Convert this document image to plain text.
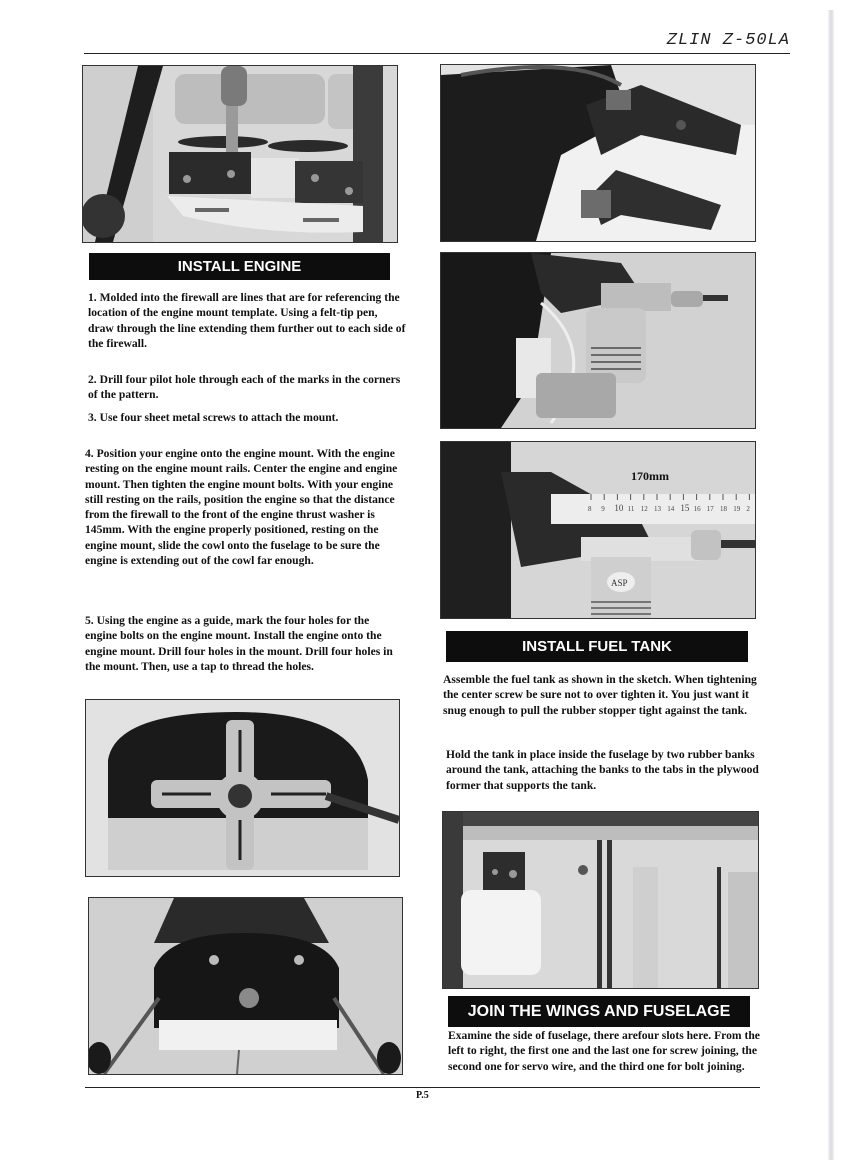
ZLIN Z-50LA
INSTALL ENGINE

1. Molded into the firewall are lines that are for referencing the location of the engine mount template. Using a felt-tip pen, draw through the line extending them further out to each side of the firewall.

2. Drill four pilot hole through each of the marks in the corners of the pattern.

3. Use four sheet metal screws to attach the mount.

4. Position your engine onto the engine mount. With the engine resting on the engine mount rails. Center the engine and engine mount. Then tighten the engine mount bolts. With your engine still resting on the rails, position the engine so that the distance from the firewall to the front of the engine thrust washer is 145mm. With the engine properly positioned, resting on the engine mount, slide the cowl onto the fuselage to be sure the engine is extending out of the cowl far enough.

5. Using the engine as a guide, mark the four holes for the engine bolts on the engine mount. Install the engine onto the engine mount. Drill four holes in the mount. Drill four holes in the mount. Then, use a tap to thread the holes.

8 9 10 11 12 13 14 15 16 17 18 19 2
170mm
ASP
INSTALL FUEL TANK

Assemble the fuel tank as shown in the sketch. When tightening the center screw be sure not to over tighten it. You just want it snug enough to pull the rubber stopper tight against the tank.

Hold the tank in place inside the fuselage by two rubber banks around the tank, attaching the banks to the tabs in the plywood former that supports the tank.

JOIN THE WINGS AND FUSELAGE

Examine the side of fuselage, there arefour slots here. From the left to right, the first one and the last one for screw joining, the second one for servo wire, and the third one for bolt joining.

P.5
